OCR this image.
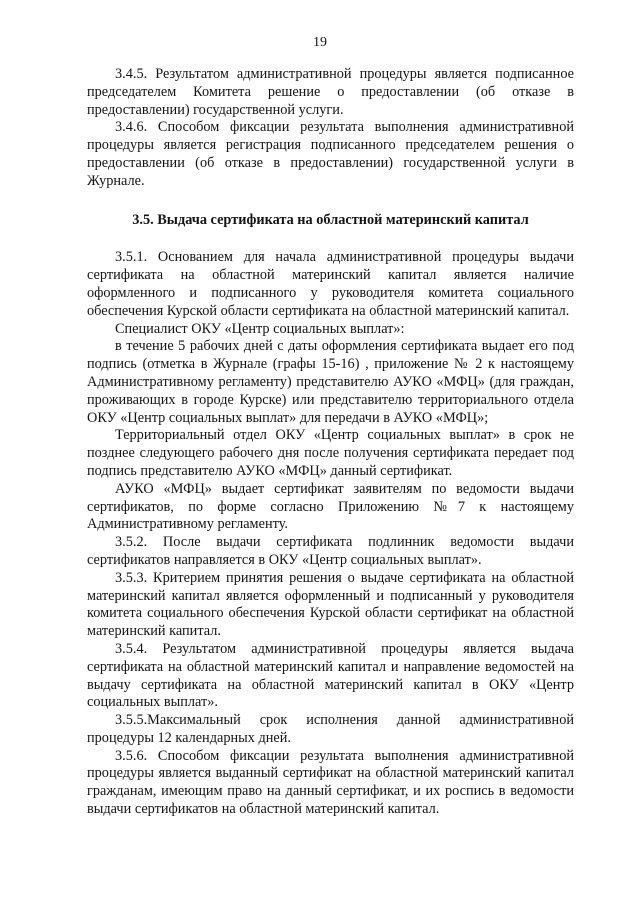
19

3.4.5. Результатом административной процедуры является подписанное председателем Комитета решение о предоставлении (об отказе в предоставлении) государственной услуги.

3.4.6. Способом фиксации результата выполнения административной процедуры является регистрация подписанного председателем решения о предоставлении (об отказе в предоставлении) государственной услуги в Журнале.

3.5. Выдача сертификата на областной материнский капитал

3.5.1. Основанием для начала административной процедуры выдачи сертификата на областной материнский капитал является наличие оформленного и подписанного у руководителя комитета социального обеспечения Курской области сертификата на областной материнский капитал.

Специалист ОКУ «Центр социальных выплат»:

в течение 5 рабочих дней с даты оформления сертификата выдает его под подпись (отметка в Журнале (графы 15-16) , приложение № 2 к настоящему Административному регламенту) представителю АУКО «МФЦ» (для граждан, проживающих в городе Курске) или представителю территориального отдела ОКУ «Центр социальных выплат» для передачи в АУКО «МФЦ»;

Территориальный отдел ОКУ «Центр социальных выплат» в срок не позднее следующего рабочего дня после получения сертификата передает под подпись представителю АУКО «МФЦ» данный сертификат.

АУКО «МФЦ» выдает сертификат заявителям по ведомости выдачи сертификатов, по форме согласно Приложению №7 к настоящему Административному регламенту.

3.5.2. После выдачи сертификата подлинник ведомости выдачи сертификатов направляется в ОКУ «Центр социальных выплат».

3.5.3. Критерием принятия решения о выдаче сертификата на областной материнский капитал является оформленный и подписанный у руководителя комитета социального обеспечения Курской области сертификат на областной материнский капитал.

3.5.4. Результатом административной процедуры является выдача сертификата на областной материнский капитал и направление ведомостей на выдачу сертификата на областной материнский капитал в ОКУ «Центр социальных выплат».

3.5.5.Максимальный срок исполнения данной административной процедуры 12 календарных дней.

3.5.6. Способом фиксации результата выполнения административной процедуры является выданный сертификат на областной материнский капитал гражданам, имеющим право на данный сертификат, и их роспись в ведомости выдачи сертификатов на областной материнский капитал.
